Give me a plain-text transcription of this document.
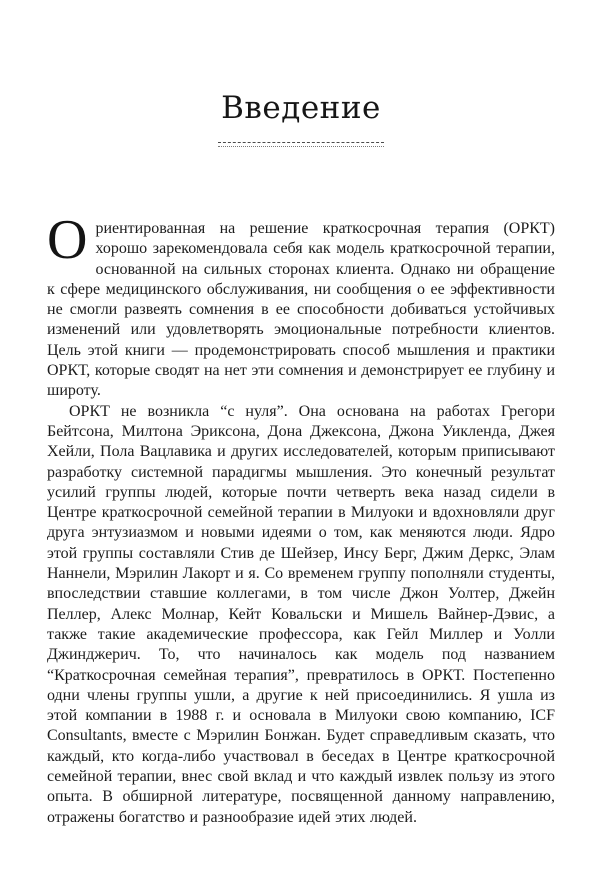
Введение

Ориентированная на решение краткосрочная терапия (ОРКТ) хорошо зарекомендовала себя как модель краткосрочной терапии, основанной на сильных сторонах клиента. Однако ни обращение к сфере медицинского обслуживания, ни сообщения о ее эффективности не смогли развеять сомнения в ее способности добиваться устойчивых изменений или удовлетворять эмоциональные потребности клиентов. Цель этой книги — продемонстрировать способ мышления и практики ОРКТ, которые сводят на нет эти сомнения и демонстрирует ее глубину и широту.

ОРКТ не возникла “с нуля”. Она основана на работах Грегори Бейтсона, Милтона Эриксона, Дона Джексона, Джона Уикленда, Джея Хейли, Пола Вацлавика и других исследователей, которым приписывают разработку системной парадигмы мышления. Это конечный результат усилий группы людей, которые почти четверть века назад сидели в Центре краткосрочной семейной терапии в Милуоки и вдохновляли друг друга энтузиазмом и новыми идеями о том, как меняются люди. Ядро этой группы составляли Стив де Шейзер, Инсу Берг, Джим Деркс, Элам Наннели, Мэрилин Лакорт и я. Со временем группу пополняли студенты, впоследствии ставшие коллегами, в том числе Джон Уолтер, Джейн Пеллер, Алекс Молнар, Кейт Ковальски и Мишель Вайнер-Дэвис, а также такие академические профессора, как Гейл Миллер и Уолли Джинджерич. То, что начиналось как модель под названием “Краткосрочная семейная терапия”, превратилось в ОРКТ. Постепенно одни члены группы ушли, а другие к ней присоединились. Я ушла из этой компании в 1988 г. и основала в Милуоки свою компанию, ICF Consultants, вместе с Мэрилин Бонжан. Будет справедливым сказать, что каждый, кто когда-либо участвовал в беседах в Центре краткосрочной семейной терапии, внес свой вклад и что каждый извлек пользу из этого опыта. В обширной литературе, посвященной данному направлению, отражены богатство и разнообразие идей этих людей.
